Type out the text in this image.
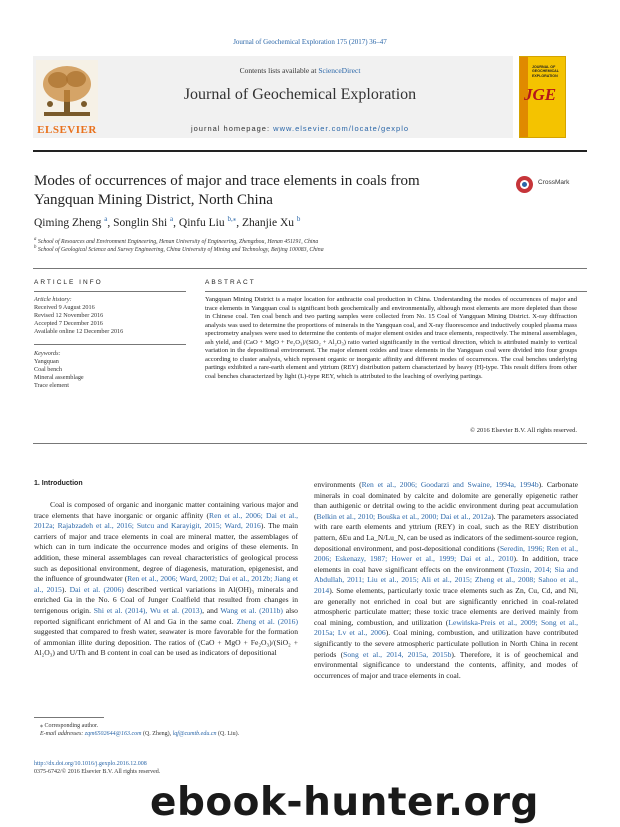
Journal of Geochemical Exploration 175 (2017) 36–47
ELSEVIER
Contents lists available at ScienceDirect
Journal of Geochemical Exploration
journal homepage: www.elsevier.com/locate/gexplo
JOURNAL OF GEOCHEMICAL EXPLORATION
JGE
Modes of occurrences of major and trace elements in coals from Yangquan Mining District, North China
CrossMark
Qiming Zheng $^a$, Songlin Shi $^a$, Qinfu Liu $^{b,⁎}$, Zhanjie Xu $^b$
$^a$ School of Resources and Environment Engineering, Henan University of Engineering, Zhengzhou, Henan 451191, China
$^b$ School of Geological Science and Survey Engineering, China University of Mining and Technology, Beijing 100083, China
ARTICLE INFO
Article history:
Received 9 August 2016
Revised 12 November 2016
Accepted 7 December 2016
Available online 12 December 2016
Keywords:
Yangquan
Coal bench
Mineral assemblage
Trace element
ABSTRACT
Yangquan Mining District is a major location for anthracite coal production in China. Understanding the modes of occurrences of major and trace elements in Yangquan coal is significant both geochemically and environmentally, although most elements are more depleted than those in Chinese coal. Ten coal bench and two parting samples were collected from No. 15 Coal of Yangquan Mining District. X-ray diffraction analysis was used to determine the proportions of minerals in the Yangquan coal, and X-ray fluorescence and inductively coupled plasma mass spectrometry analyses were used to determine the contents of major element oxides and trace elements, respectively. The mineral assemblages, ash yield, and (CaO + MgO + Fe₂O₃)/(SiO₂ + Al₂O₃) ratio varied significantly in the vertical direction, which is attributed mainly to vertical variation in the depositional environment. The major element oxides and trace elements in the Yangquan coal were divided into four groups according to cluster analysis, which represent organic or inorganic affinity and different modes of occurrences. The coal benches underlying partings exhibited a rare-earth element and yttrium (REY) distribution pattern characterized by heavy (H)-type. This result differs from other coal benches characterized by light (L)-type REY, which is attributed to the leaching of overlying partings.
© 2016 Elsevier B.V. All rights reserved.
1. Introduction
Coal is composed of organic and inorganic matter containing various major and trace elements that have inorganic or organic affinity (Ren et al., 2006; Dai et al., 2012a; Rajabzadeh et al., 2016; Sutcu and Karayigit, 2015; Ward, 2016). The main carriers of major and trace elements in coal are mineral matter, the assemblages of which can in turn indicate the occurrence modes and origins of these elements. In addition, these mineral assemblages can reveal characteristics of geological process such as depositional environment, degree of diagenesis, maturation, epigenesist, and the influence of groundwater (Ren et al., 2006; Ward, 2002; Dai et al., 2012b; Jiang et al., 2015). Dai et al. (2006) described vertical variations in Al(OH)₃ minerals and enriched Ga in the No. 6 Coal of Junger Coalfield that resulted from changes in terrigenous origin. Shi et al. (2014), Wu et al. (2013), and Wang et al. (2011b) also reported significant enrichment of Al and Ga in the same coal. Zheng et al. (2016) suggested that compared to fresh water, seawater is more favorable for the formation of ammonian illite during deposition. The ratios of (CaO + MgO + Fe₂O₃)/(SiO₂ + Al₂O₃) and U/Th and B content in coal can be used as indicators of depositional
environments (Ren et al., 2006; Goodarzi and Swaine, 1994a, 1994b). Carbonate minerals in coal dominated by calcite and dolomite are generally epigenetic rather than authigenic or detrital owing to the acidic environment during peat accumulation (Belkin et al., 2010; Bouška et al., 2000; Dai et al., 2012a). The parameters associated with rare earth elements and yttrium (REY) in coal, such as the REY distribution pattern, δEu and La_N/Lu_N, can be used as indicators of the sediment-source region, depositional environment, and post-depositional conditions (Seredin, 1996; Ren et al., 2006; Eskenazy, 1987; Hower et al., 1999; Dai et al., 2010). In addition, trace elements in coal have significant effects on the environment (Tozsin, 2014; Sia and Abdullah, 2011; Liu et al., 2015; Ali et al., 2015; Zheng et al., 2008; Sahoo et al., 2014). Some elements, particularly toxic trace elements such as Zn, Cu, Cd, and Ni, are generally not enriched in coal but are significantly enriched in coal-related atmospheric particulate matter; these toxic trace elements are derived mainly from coal mining, combustion, and utilization (Lewińska-Preis et al., 2009; Song et al., 2015a; Lv et al., 2006). Coal mining, combustion, and utilization have contributed significantly to the severe atmospheric particulate pollution in North China in recent periods (Song et al., 2014, 2015a, 2015b). Therefore, it is of geochemical and environmental significance to understand the contents, affinity, and modes of occurrences of major and trace elements in coal.
⁎ Corresponding author.
E-mail addresses: zqm6502644@163.com (Q. Zheng), lqf@cumtb.edu.cn (Q. Liu).
http://dx.doi.org/10.1016/j.gexplo.2016.12.008
0375-6742/© 2016 Elsevier B.V. All rights reserved.
ebook-hunter.org
